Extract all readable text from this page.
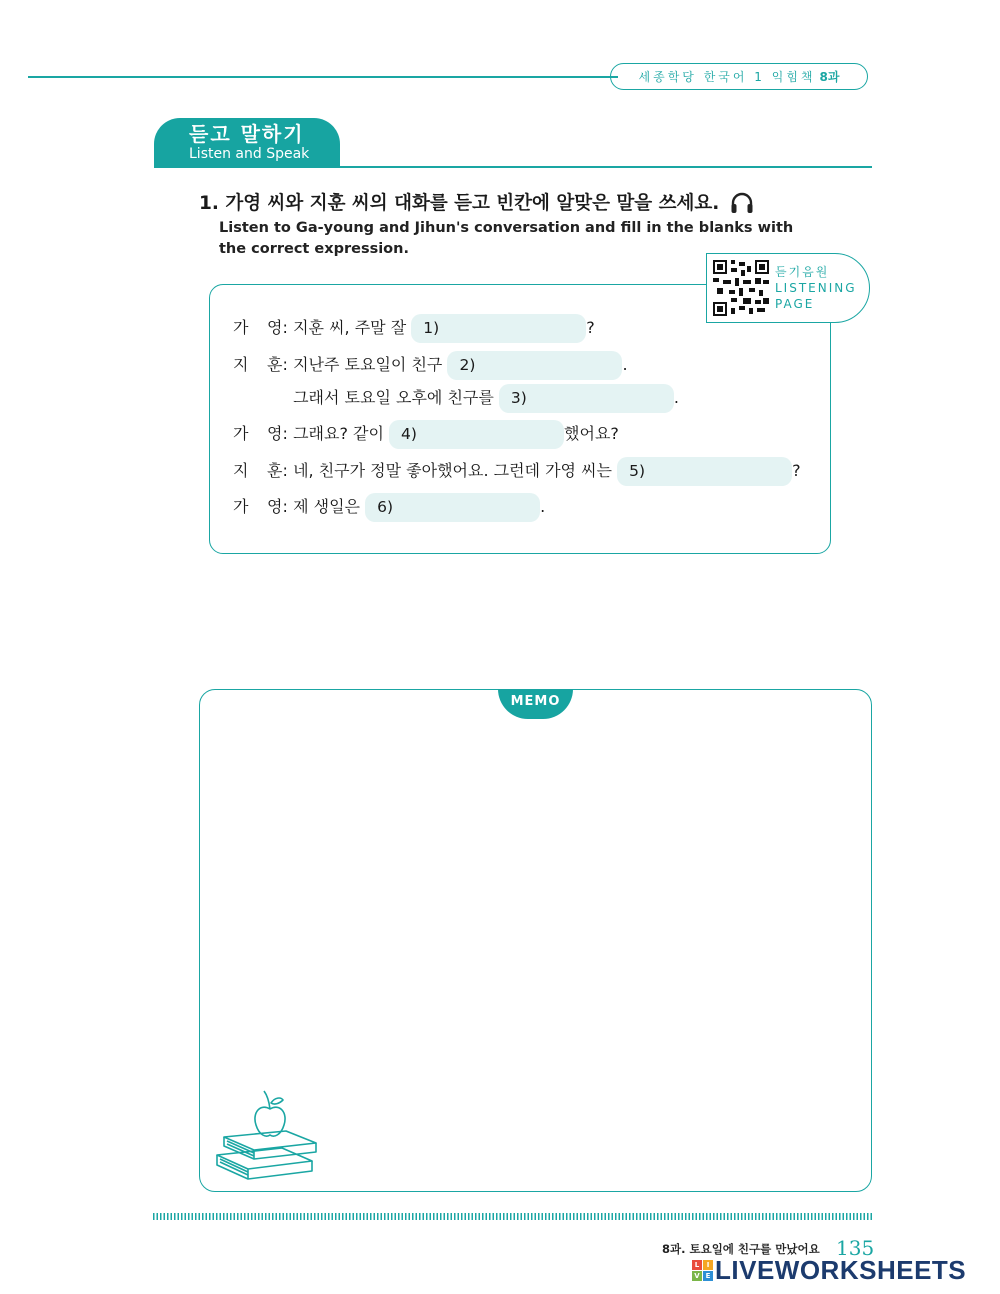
세종학당 한국어 1 익힘책 8과
듣고 말하기
Listen and Speak
1. 가영 씨와 지훈 씨의 대화를 듣고 빈칸에 알맞은 말을 쓰세요.
Listen to Ga-young and Jihun's conversation and fill in the blanks with the correct expression.
듣기음원
LISTENING
PAGE
가 영: 지훈 씨, 주말 잘 1)	?
지 훈: 지난주 토요일이 친구 2)	.
그래서 토요일 오후에 친구를 3)	.
가 영: 그래요? 같이 4)	했어요?
지 훈: 네, 친구가 정말 좋아했어요. 그런데 가영 씨는 5)	?
가 영: 제 생일은 6)	.
MEMO
8과. 토요일에 친구를 만났어요 135
L	I
V E LIVEWORKSHEETS
